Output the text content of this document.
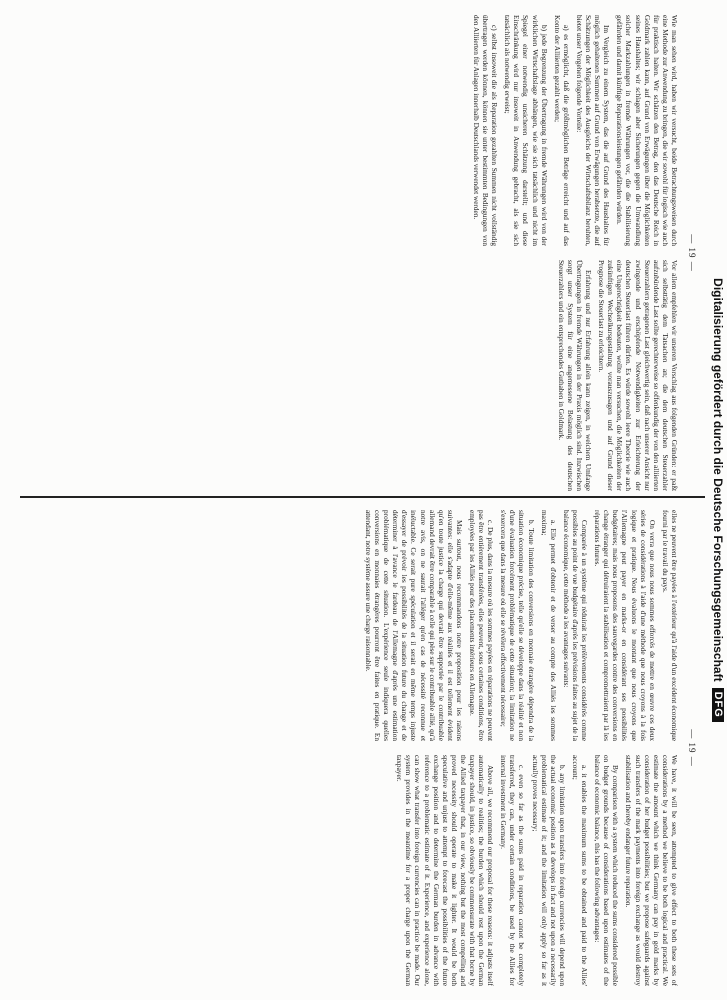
— 19 —

Wie man sehen wird, haben wir versucht, beide Betrachtungsweisen durch eine Methode zur Anwendung zu bringen, die wir sowohl für logisch wie auch für praktisch halten. Wir schätzen den Betrag, den das Deutsche Reich in Goldmark zahlen kann, auf Grund von Erwägungen über die Möglichkeiten seines Haushaltes; wir schlagen aber Sicherungen gegen die Umwandlung solcher Markzahlungen in fremde Währungen vor, die die Stabilisierung gefährden und damit künftige Reparationsleistungen gefährden würden.

Im Vergleich zu einem System, das die auf Grund des Haushaltes für möglich gehaltenen Summen auf Grund von Erwägungen herabsetzte, die auf Schätzungen der Möglichkeit des Ausgleichs der Wirtschaftsbilanz beruhten, bietet unser Vorgehen folgende Vorteile:

a) es ermöglicht, daß die größtmöglichen Beträge erreicht und auf das Konto der Alliierten gezahlt werden;

b) jede Begrenzung der Übertragung in fremde Währungen wird von der wirklichen Wirtschaftslage abhängen, wie sie sich tatsächlich und nicht im Spiegel einer notwendig unsicheren Schätzung darstellt; und diese Einschränkung wird nur insoweit in Anwendung gebracht, als sie sich tatsächlich als notwendig erweist;

c) selbst insoweit die als Reparation gezahlten Summen nicht vollständig übertragen werden können, können sie unter bestimmten Bedingungen von den Alliierten für Anlagen innerhalb Deutschlands verwendet werden.

Vor allem empfehlen wir unseren Vorschlag aus folgenden Gründen: er paßt sich selbsttätig dem Tatsachen an; die dem deutschen Steuerzahler aufzubürdende Last sollte gerechterweise so offenkundig der von den alliierten Steuerzahlern getragenen Last gleichwertig sein, daß nach unserer Ansicht nur zwingende und erschöpfende Notwendigkeiten zur Erleichterung der deutschen Steuerlast führen dürfen. Es würde sowohl leere Theorie wie auch eine Ungerechtigkeit bedeuten, wollte man versuchen, die Möglichkeiten der zukünftigen Wechselkursgestaltung vorauszusagen und auf Grund dieser Prognose die Steuerlast zu erleichtern.

Erfahrung und nur Erfahrung allein kann zeigen, in welchem Umfange Übertragungen in fremde Währungen in der Praxis möglich sind. Inzwischen sorgt unser System für eine angemessene Belastung des deutschen Steuerzahlers und ein entsprechendes Guthaben in Goldmark.

— 19 —

elles ne peuvent être payées à l'extérieur qu'à l'aide d'un excédent économique fourni par le travail du pays.

On verra que nous nous sommes efforcés de mettre en œuvre ces deux séries de considérations à l'aide d'une méthode que nous croyons à la fois logique et pratique. Nous évaluons le montant que nous croyons que l'Allemagne peut payer en marks-or en considérant ses possibilités budgétaires; mais nous proposons des sauvegardes contre des conversions en change étranger qui détruiraient la stabilisation et compromettraient par là les réparations futures.

Comparée à un système qui réduirait les prélèvements considérés comme possibles au point de vue budgétaire d'après les prévisions faites au sujet de la balance économique, cette méthode a les avantages suivants:

a. Elle permet d'obtenir et de verser au compte des Alliés les sommes maxima;

b. Toute limitation des conversions en monnaie étrangère dépendra de la situation économique précise, telle qu'elle se développe dans la réalité et non d'une évaluation forcément problématique de cette situation; la limitation ne s'exercera que dans la mesure où elle se révélera effectivement nécessaire;

c. De plus, dans la mesure où les sommes payées en réparations ne peuvent pas être entièrement transférées, elles peuvent, sous certaines conditions, être employées par les Alliés pour des placements intérieurs en Allemagne.

Mais surtout, nous recommandons notre proposition pour les raisons suivantes: elle s'adapte d'elle-même aux réalités et il est tellement évident qu'en toute justice la charge qui devrait être supportée par le contribuable allemand devrait être comparable à celle qui pèse sur le contribuable allié, qu'à notre avis, on ne saurait l'alléger qu'en cas de nécessité reconnue et inéluctable. Ce serait pure spéculation et il serait en même temps injuste d'essayer de prévoir les possibilités de la situation future du change et de déterminer à l'avance le fardeau de l'Allemagne d'après une estimation problématique de cette situation. L'expérience seule indiquera quelles conversions en monnaies étrangères pourront être faites en pratique. En attendant, notre système assure une charge raisonnable.

We have, it will be seen, attempted to give effect to both these sets of considerations by a method we believe to be both logical and practical. We estimate the amount which we think Germany can pay in gold marks by consideration of her budget possibilities; but we propose safeguards against such transfers of the mark payments into foreign exchange as would destroy stabilisation and thereby endanger future reparation.

By comparison with a system which reduced the sums considered possible on budget grounds because of considerations based upon estimates of the balance of economic balance, this has the following advantages:

a. it enables the maximum sums to be obtained and paid to the Allies' account;

b. any limitation upon transfers into foreign currencies will depend upon the actual economic position as it develops in fact and not upon a necessarily problematical estimate of it; and the limitation will only apply so far as it actually proves necessary;

c. even so far as the sums paid in reparation cannot be completely transferred, they can, under certain conditions, be used by the Allies for internal investment in Germany.

Above all, we recommend our proposal for these reasons: it adjusts itself automatically to realities; the burden which should rest upon the German taxpayer should, in justice, so obviously be commensurate with that borne by the Allied taxpayer that, in our view, nothing but the most compelling and proved necessity should operate to make it lighter. It would be both speculative and unjust to attempt to forecast the possibilities of the future exchange position and to determine the German burden in advance with reference to a problematic estimate of it. Experience, and experience alone, can show what transfer into foreign currencies can in practice be made. Our system provides in the meantime for a proper charge upon the German taxpayer.

Digitalisierung gefördert durch die Deutsche Forschungsgemeinschaft
DFG
